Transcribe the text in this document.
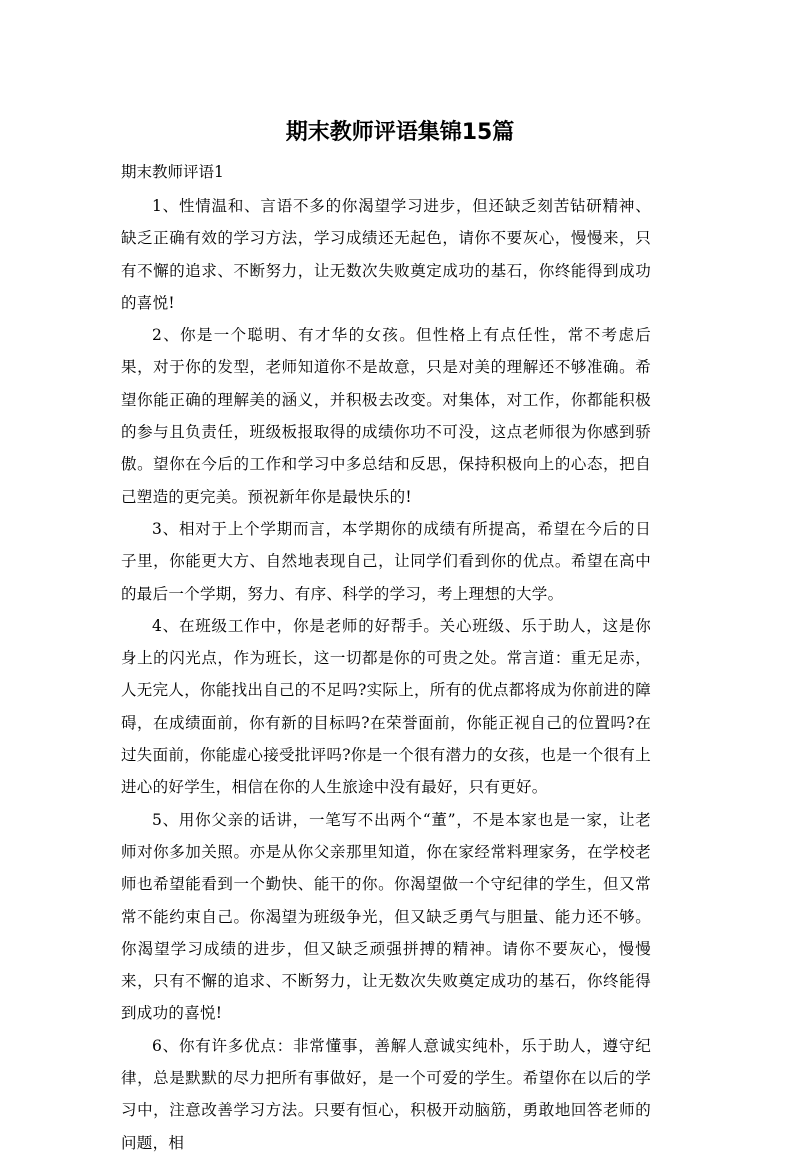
期末教师评语集锦15篇

期末教师评语1

1、性情温和、言语不多的你渴望学习进步，但还缺乏刻苦钻研精神、缺乏正确有效的学习方法，学习成绩还无起色，请你不要灰心，慢慢来，只有不懈的追求、不断努力，让无数次失败奠定成功的基石，你终能得到成功的喜悦!

2、你是一个聪明、有才华的女孩。但性格上有点任性，常不考虑后果，对于你的发型，老师知道你不是故意，只是对美的理解还不够准确。希望你能正确的理解美的涵义，并积极去改变。对集体，对工作，你都能积极的参与且负责任，班级板报取得的成绩你功不可没，这点老师很为你感到骄傲。望你在今后的工作和学习中多总结和反思，保持积极向上的心态，把自己塑造的更完美。预祝新年你是最快乐的!

3、相对于上个学期而言，本学期你的成绩有所提高，希望在今后的日子里，你能更大方、自然地表现自己，让同学们看到你的优点。希望在高中的最后一个学期，努力、有序、科学的学习，考上理想的大学。

4、在班级工作中，你是老师的好帮手。关心班级、乐于助人，这是你身上的闪光点，作为班长，这一切都是你的可贵之处。常言道：重无足赤，人无完人，你能找出自己的不足吗?实际上，所有的优点都将成为你前进的障碍，在成绩面前，你有新的目标吗?在荣誉面前，你能正视自己的位置吗?在过失面前，你能虚心接受批评吗?你是一个很有潜力的女孩，也是一个很有上进心的好学生，相信在你的人生旅途中没有最好，只有更好。

5、用你父亲的话讲，一笔写不出两个“董”，不是本家也是一家，让老师对你多加关照。亦是从你父亲那里知道，你在家经常料理家务，在学校老师也希望能看到一个勤快、能干的你。你渴望做一个守纪律的学生，但又常常不能约束自己。你渴望为班级争光，但又缺乏勇气与胆量、能力还不够。你渴望学习成绩的进步，但又缺乏顽强拼搏的精神。请你不要灰心，慢慢来，只有不懈的追求、不断努力，让无数次失败奠定成功的基石，你终能得到成功的喜悦!

6、你有许多优点：非常懂事，善解人意诚实纯朴，乐于助人，遵守纪律，总是默默的尽力把所有事做好，是一个可爱的学生。希望你在以后的学习中，注意改善学习方法。只要有恒心，积极开动脑筋，勇敢地回答老师的问题，相
